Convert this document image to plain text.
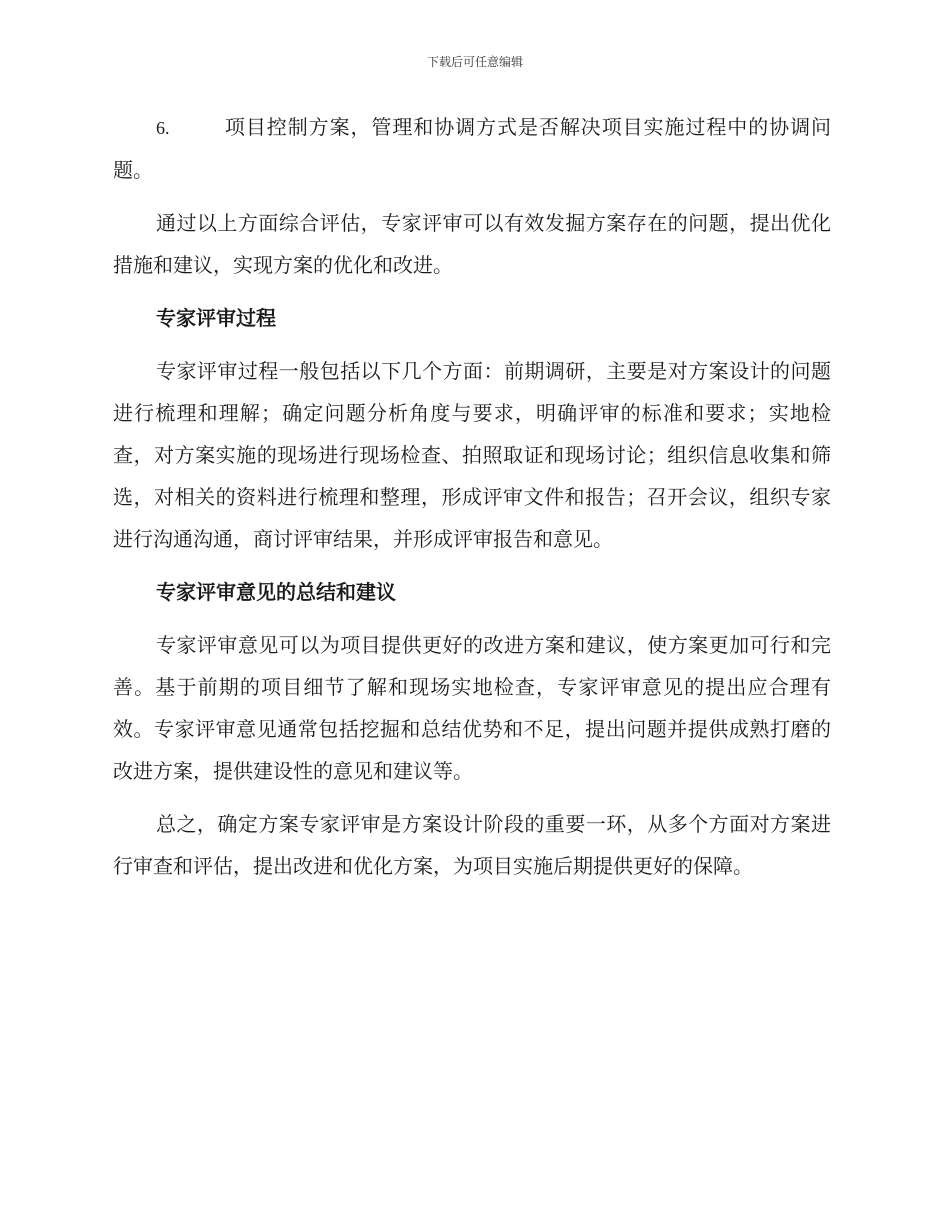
下载后可任意编辑

6.	项目控制方案，管理和协调方式是否解决项目实施过程中的协调问题。

通过以上方面综合评估，专家评审可以有效发掘方案存在的问题，提出优化措施和建议，实现方案的优化和改进。

专家评审过程

专家评审过程一般包括以下几个方面：前期调研，主要是对方案设计的问题进行梳理和理解；确定问题分析角度与要求，明确评审的标准和要求；实地检查，对方案实施的现场进行现场检查、拍照取证和现场讨论；组织信息收集和筛选，对相关的资料进行梳理和整理，形成评审文件和报告；召开会议，组织专家进行沟通沟通，商讨评审结果，并形成评审报告和意见。

专家评审意见的总结和建议

专家评审意见可以为项目提供更好的改进方案和建议，使方案更加可行和完善。基于前期的项目细节了解和现场实地检查，专家评审意见的提出应合理有效。专家评审意见通常包括挖掘和总结优势和不足，提出问题并提供成熟打磨的改进方案，提供建设性的意见和建议等。

总之，确定方案专家评审是方案设计阶段的重要一环，从多个方面对方案进行审查和评估，提出改进和优化方案，为项目实施后期提供更好的保障。
